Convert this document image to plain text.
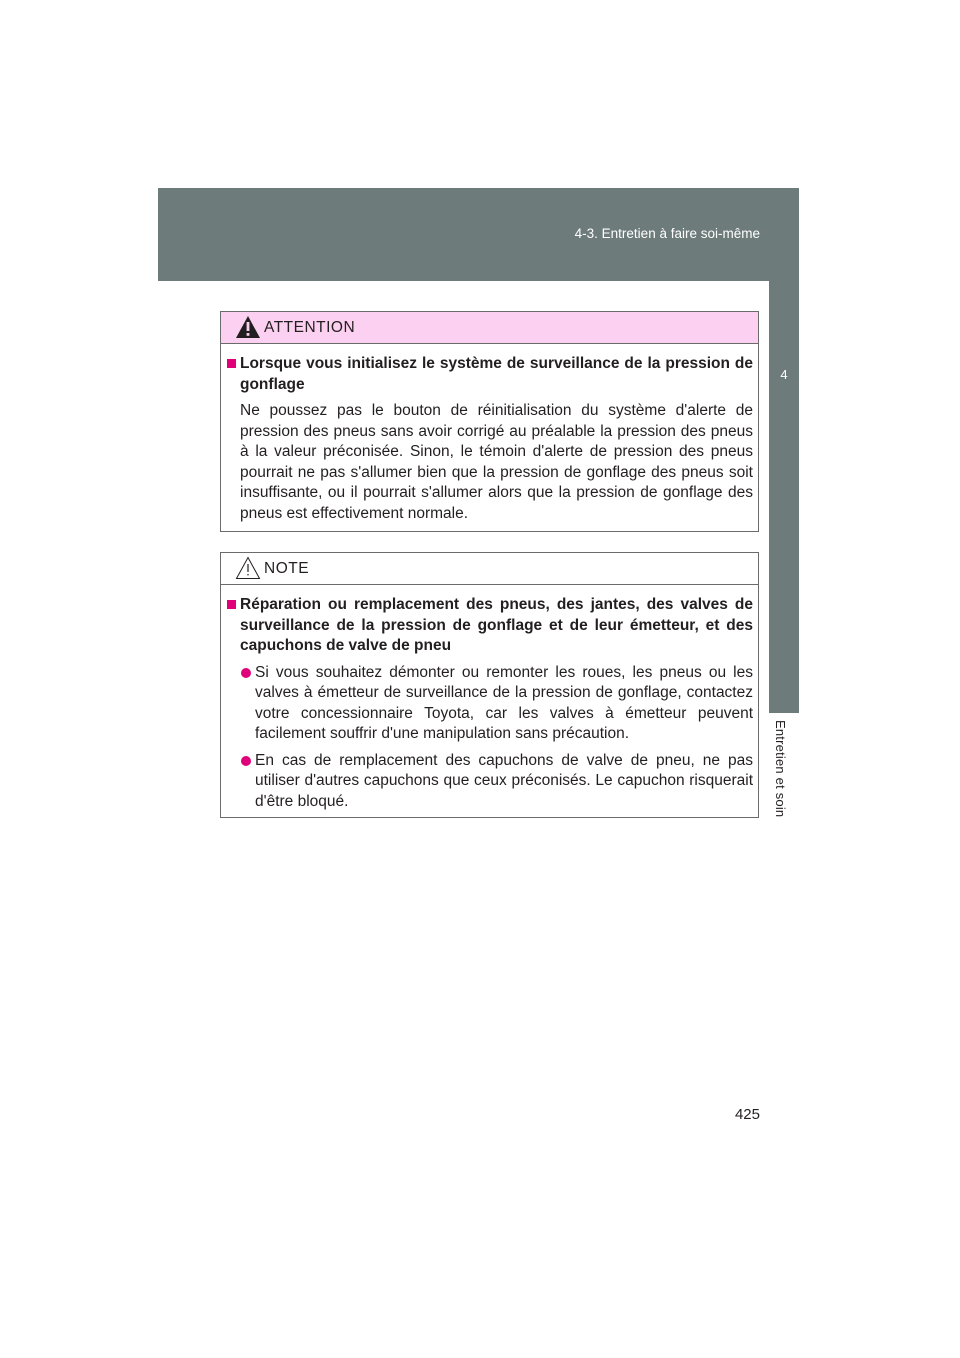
4-3. Entretien à faire soi-même
4
Entretien et soin
ATTENTION
Lorsque vous initialisez le système de surveillance de la pression de gonflage
Ne poussez pas le bouton de réinitialisation du système d'alerte de pression des pneus sans avoir corrigé au préalable la pression des pneus à la valeur préconisée. Sinon, le témoin d'alerte de pression des pneus pourrait ne pas s'allumer bien que la pression de gonflage des pneus soit insuffisante, ou il pourrait s'allumer alors que la pression de gonflage des pneus est effectivement normale.
NOTE
Réparation ou remplacement des pneus, des jantes, des valves de surveillance de la pression de gonflage et de leur émetteur, et des capuchons de valve de pneu
Si vous souhaitez démonter ou remonter les roues, les pneus ou les valves à émetteur de surveillance de la pression de gonflage, contactez votre concessionnaire Toyota, car les valves à émetteur peuvent facilement souffrir d'une manipulation sans précaution.
En cas de remplacement des capuchons de valve de pneu, ne pas utiliser d'autres capuchons que ceux préconisés. Le capuchon risquerait d'être bloqué.
425
